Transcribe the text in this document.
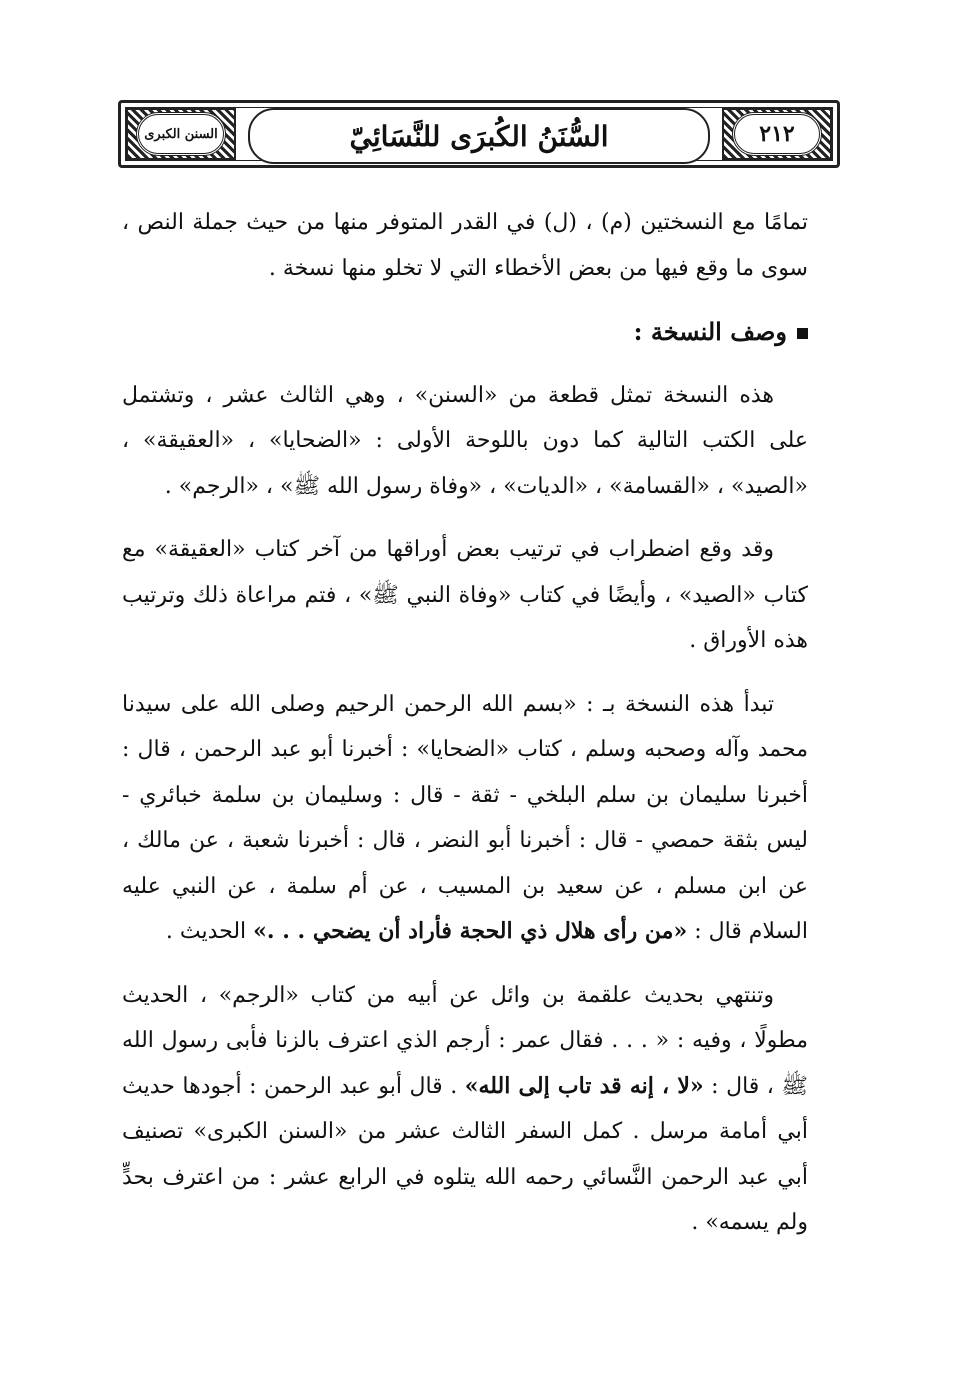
السنن الكبرى	السُّنَنُ الكُبرَى للنَّسَائِيّ	٢١٢

تمامًا مع النسختين (م) ، (ل) في القدر المتوفر منها من حيث جملة النص ، سوى ما وقع فيها من بعض الأخطاء التي لا تخلو منها نسخة .

وصف النسخة :

هذه النسخة تمثل قطعة من «السنن» ، وهي الثالث عشر ، وتشتمل على الكتب التالية كما دون باللوحة الأولى : «الضحايا» ، «العقيقة» ، «الصيد» ، «القسامة» ، «الديات» ، «وفاة رسول الله ﷺ» ، «الرجم» .

وقد وقع اضطراب في ترتيب بعض أوراقها من آخر كتاب «العقيقة» مع كتاب «الصيد» ، وأيضًا في كتاب «وفاة النبي ﷺ» ، فتم مراعاة ذلك وترتيب هذه الأوراق .

تبدأ هذه النسخة بـ : «بسم الله الرحمن الرحيم وصلى الله على سيدنا محمد وآله وصحبه وسلم ، كتاب «الضحايا» : أخبرنا أبو عبد الرحمن ، قال : أخبرنا سليمان بن سلم البلخي - ثقة - قال : وسليمان بن سلمة خبائري - ليس بثقة حمصي - قال : أخبرنا أبو النضر ، قال : أخبرنا شعبة ، عن مالك ، عن ابن مسلم ، عن سعيد بن المسيب ، عن أم سلمة ، عن النبي عليه السلام قال : «من رأى هلال ذي الحجة فأراد أن يضحي . . .» الحديث .

وتنتهي بحديث علقمة بن وائل عن أبيه من كتاب «الرجم» ، الحديث مطولًا ، وفيه : « . . . فقال عمر : أرجم الذي اعترف بالزنا فأبى رسول الله ﷺ ، قال : «لا ، إنه قد تاب إلى الله» . قال أبو عبد الرحمن : أجودها حديث أبي أمامة مرسل . كمل السفر الثالث عشر من «السنن الكبرى» تصنيف أبي عبد الرحمن النَّسائي رحمه الله يتلوه في الرابع عشر : من اعترف بحدٍّ ولم يسمه» .
